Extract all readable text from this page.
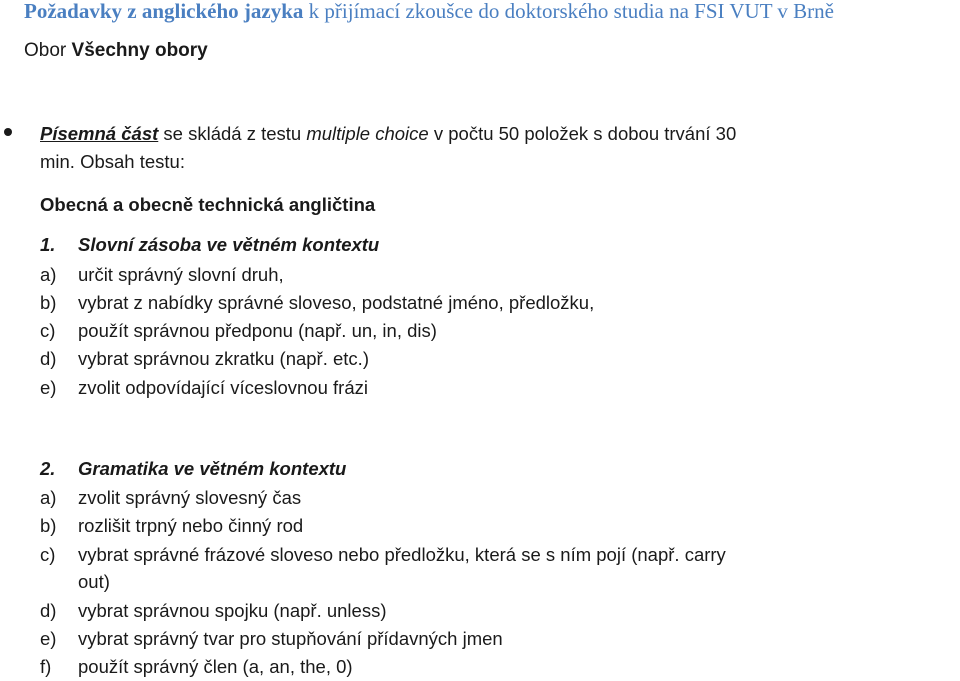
Požadavky z anglického jazyka k přijímací zkoušce do doktorského studia na FSI VUT v Brně
Obor Všechny obory
Písemná část se skládá z testu multiple choice v počtu 50 položek s dobou trvání 30
min. Obsah testu:
Obecná a obecně technická angličtina
1. Slovní zásoba ve větném kontextu
a) určit správný slovní druh,
b) vybrat z nabídky správné sloveso, podstatné jméno, předložku,
c) použít správnou předponu (např. un, in, dis)
d) vybrat správnou zkratku (např. etc.)
e) zvolit odpovídající víceslovnou frázi
2. Gramatika ve větném kontextu
a) zvolit správný slovesný čas
b) rozlišit trpný nebo činný rod
c) vybrat správné frázové sloveso nebo předložku, která se s ním pojí (např. carry
out)
d) vybrat správnou spojku (např. unless)
e) vybrat správný tvar pro stupňování přídavných jmen
f) použít správný člen (a, an, the, 0)
